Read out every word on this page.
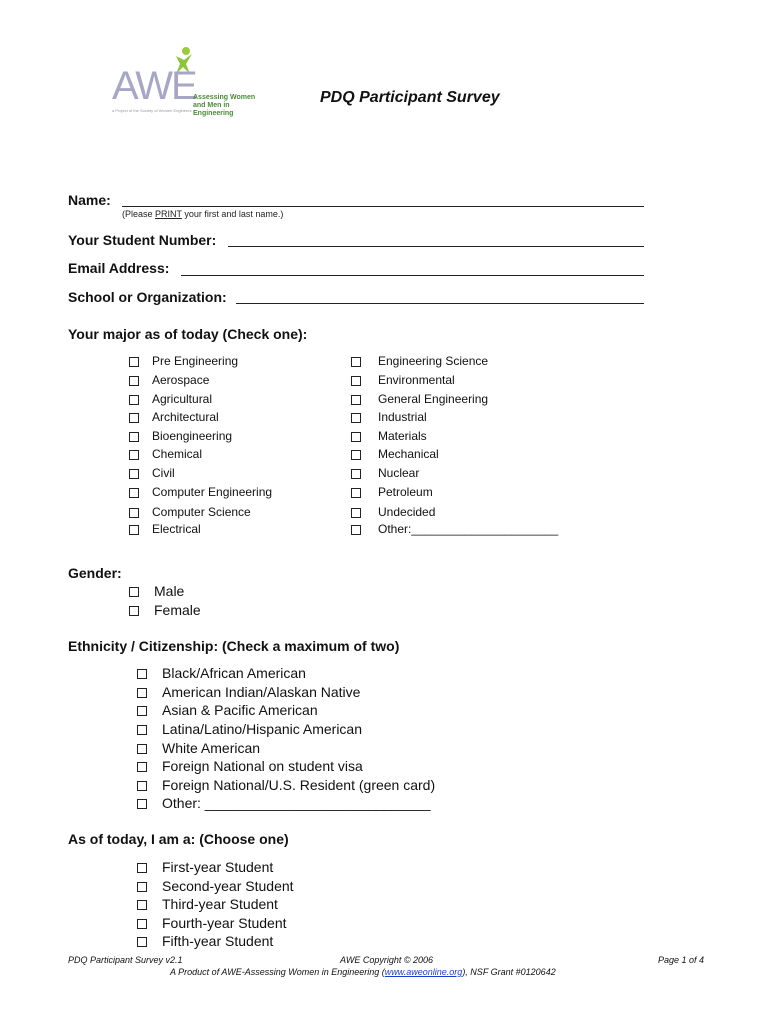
AWE
Assessing Women
and Men in Engineering
a Project of the Society of Women Engineers
PDQ Participant Survey
Name:
(Please PRINT your first and last name.)
Your Student Number:
Email Address:
School or Organization:
Your major as of today (Check one):
Pre Engineering
Aerospace
Agricultural
Architectural
Bioengineering
Chemical
Civil
Computer Engineering
Computer Science
Electrical
Engineering Science
Environmental
General Engineering
Industrial
Materials
Mechanical
Nuclear
Petroleum
Undecided
Other:______________________
Gender:
Male
Female
Ethnicity / Citizenship: (Check a maximum of two)
Black/African American
American Indian/Alaskan Native
Asian & Pacific American
Latina/Latino/Hispanic American
White American
Foreign National on student visa
Foreign National/U.S. Resident (green card)
Other: _____________________________
As of today, I am a: (Choose one)
First-year Student
Second-year Student
Third-year Student
Fourth-year Student
Fifth-year Student
PDQ Participant Survey v2.1	AWE Copyright © 2006	Page 1 of 4
A Product of AWE-Assessing Women in Engineering (www.aweonline.org), NSF Grant #0120642
